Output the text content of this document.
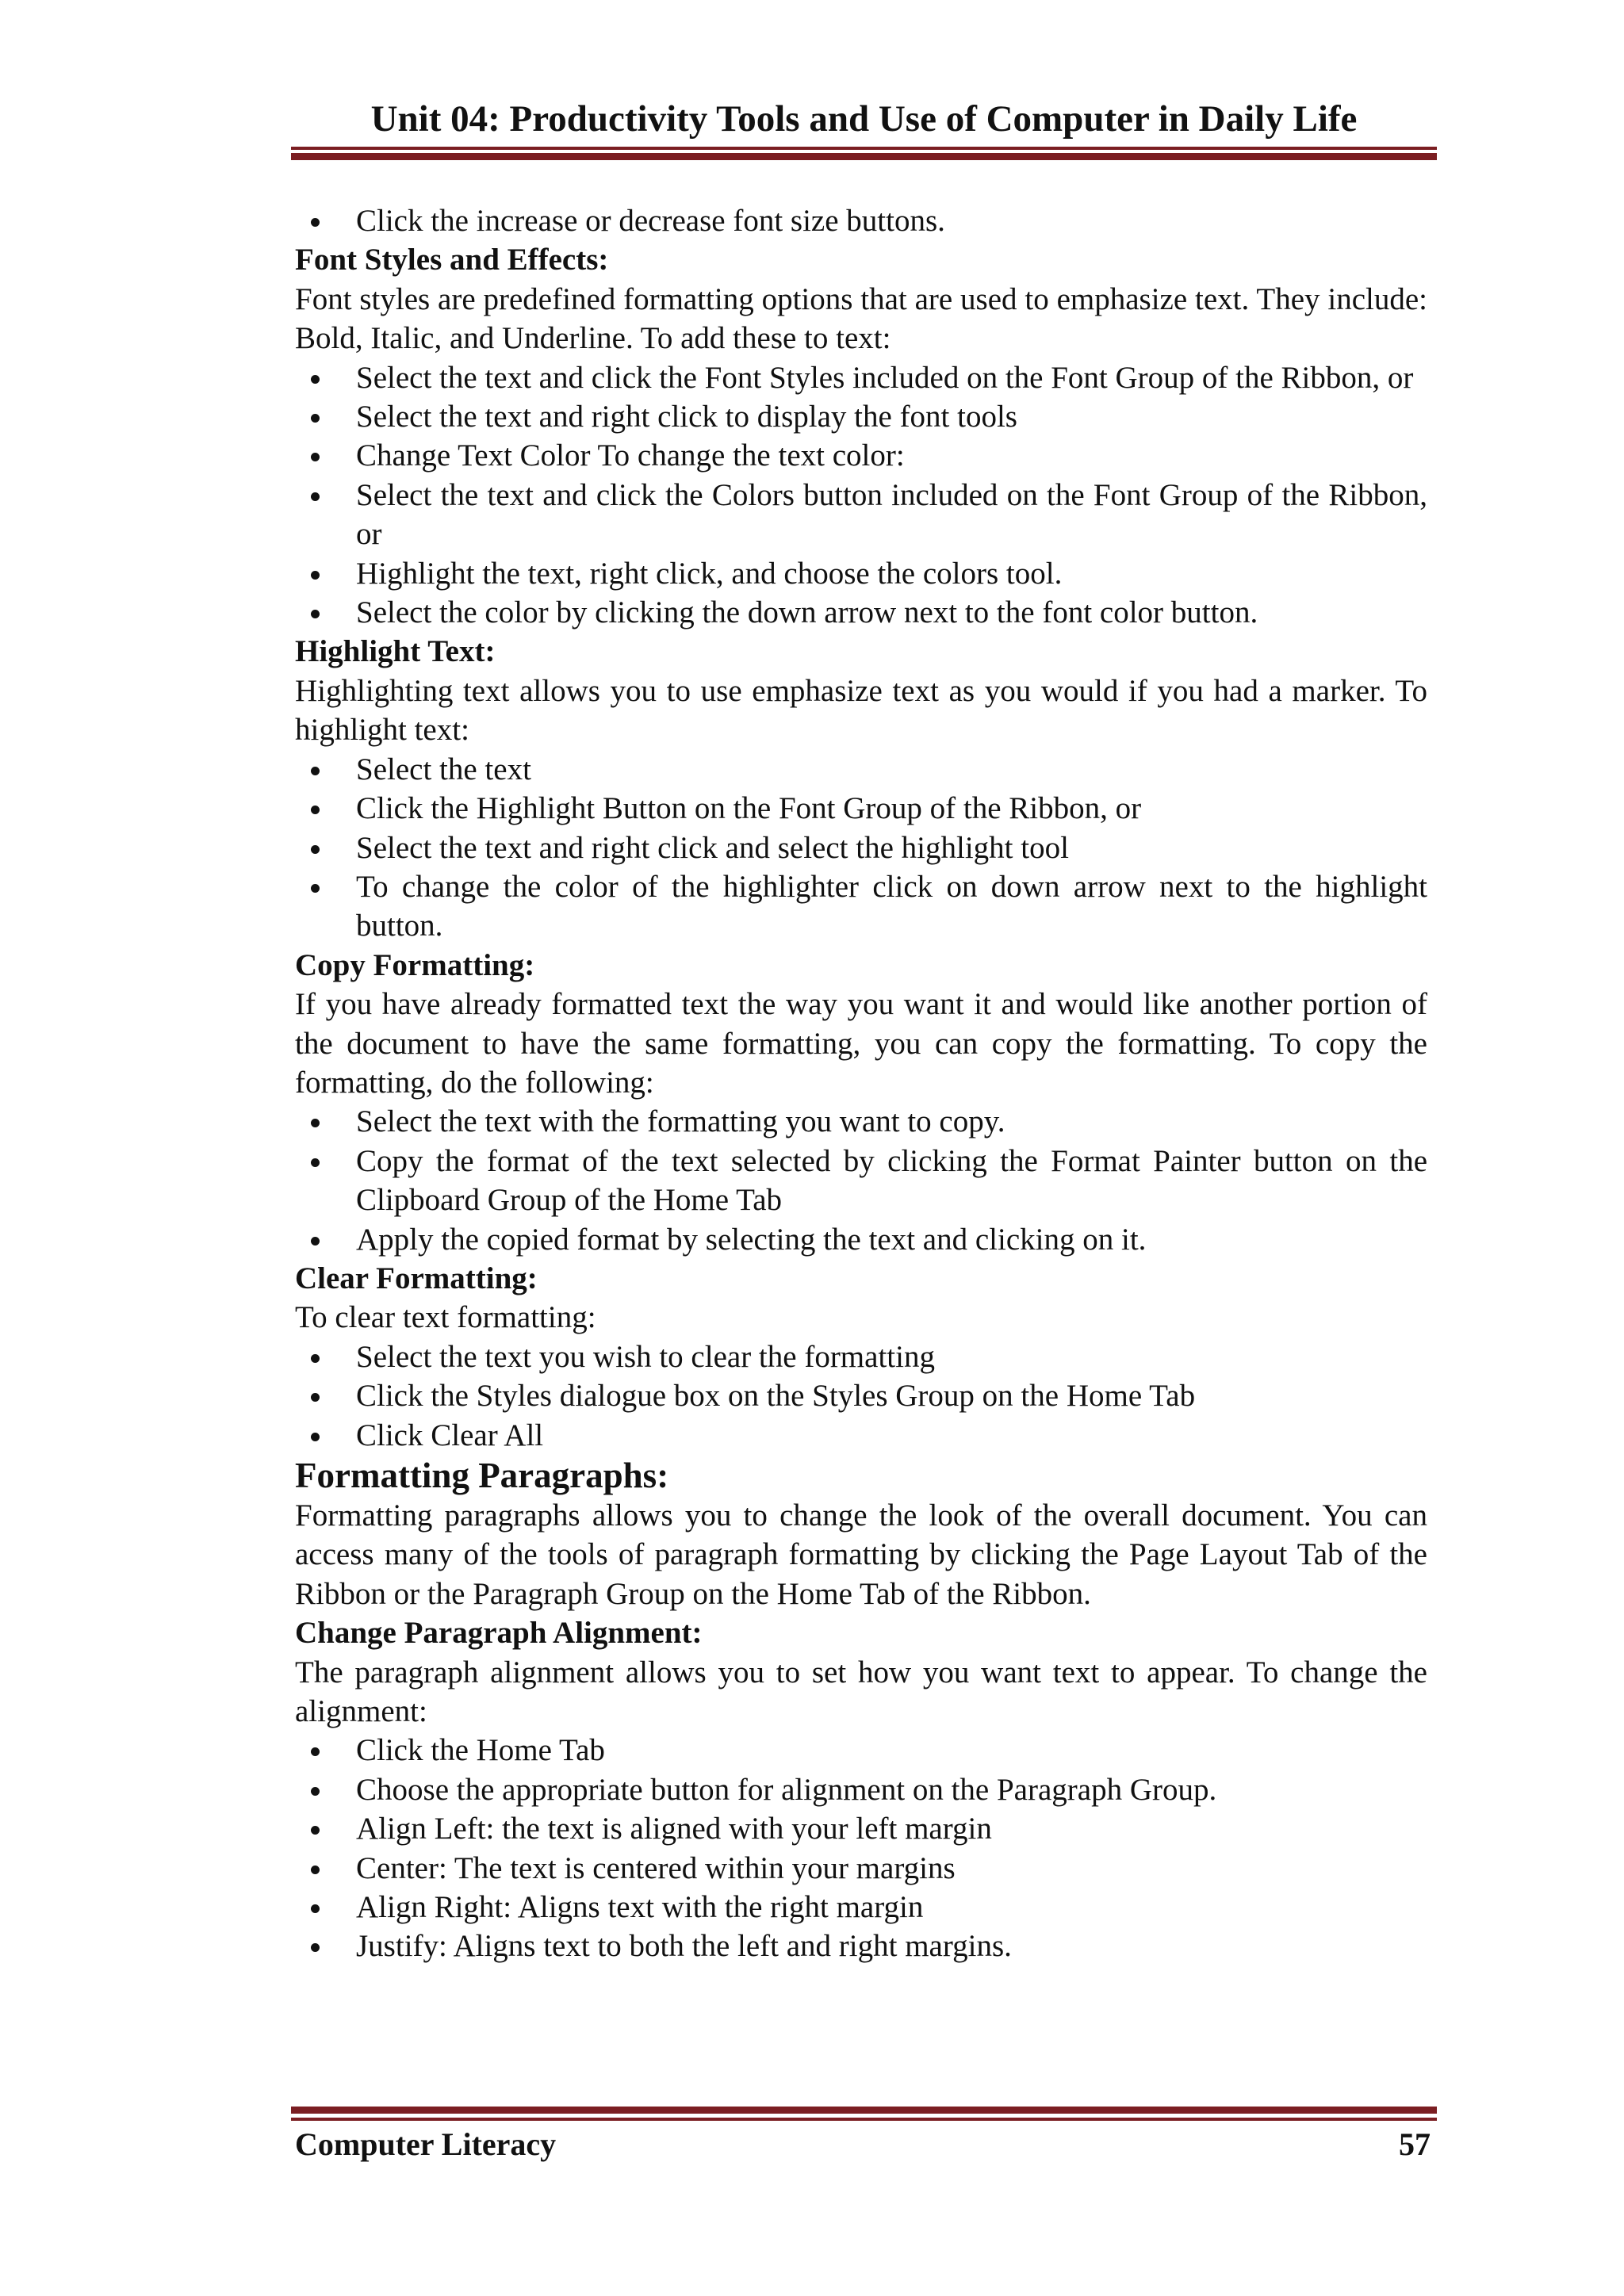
Unit 04: Productivity Tools and Use of Computer in Daily Life
Click the increase or decrease font size buttons.

Font Styles and Effects:

Font styles are predefined formatting options that are used to emphasize text. They include: Bold, Italic, and Underline. To add these to text:

Select the text and click the Font Styles included on the Font Group of the Ribbon, or
Select the text and right click to display the font tools
Change Text Color To change the text color:
Select the text and click the Colors button included on the Font Group of the Ribbon, or
Highlight the text, right click, and choose the colors tool.
Select the color by clicking the down arrow next to the font color button.

Highlight Text:

Highlighting text allows you to use emphasize text as you would if you had a marker. To highlight text:

Select the text
Click the Highlight Button on the Font Group of the Ribbon, or
Select the text and right click and select the highlight tool
To change the color of the highlighter click on down arrow next to the highlight button.

Copy Formatting:

If you have already formatted text the way you want it and would like another portion of the document to have the same formatting, you can copy the formatting. To copy the formatting, do the following:

Select the text with the formatting you want to copy.
Copy the format of the text selected by clicking the Format Painter button on the Clipboard Group of the Home Tab
Apply the copied format by selecting the text and clicking on it.

Clear Formatting:

To clear text formatting:

Select the text you wish to clear the formatting
Click the Styles dialogue box on the Styles Group on the Home Tab
Click Clear All

Formatting Paragraphs:

Formatting paragraphs allows you to change the look of the overall document. You can access many of the tools of paragraph formatting by clicking the Page Layout Tab of the Ribbon or the Paragraph Group on the Home Tab of the Ribbon.

Change Paragraph Alignment:

The paragraph alignment allows you to set how you want text to appear. To change the alignment:

Click the Home Tab
Choose the appropriate button for alignment on the Paragraph Group.
Align Left: the text is aligned with your left margin
Center: The text is centered within your margins
Align Right: Aligns text with the right margin
Justify: Aligns text to both the left and right margins.
Computer Literacy	57
